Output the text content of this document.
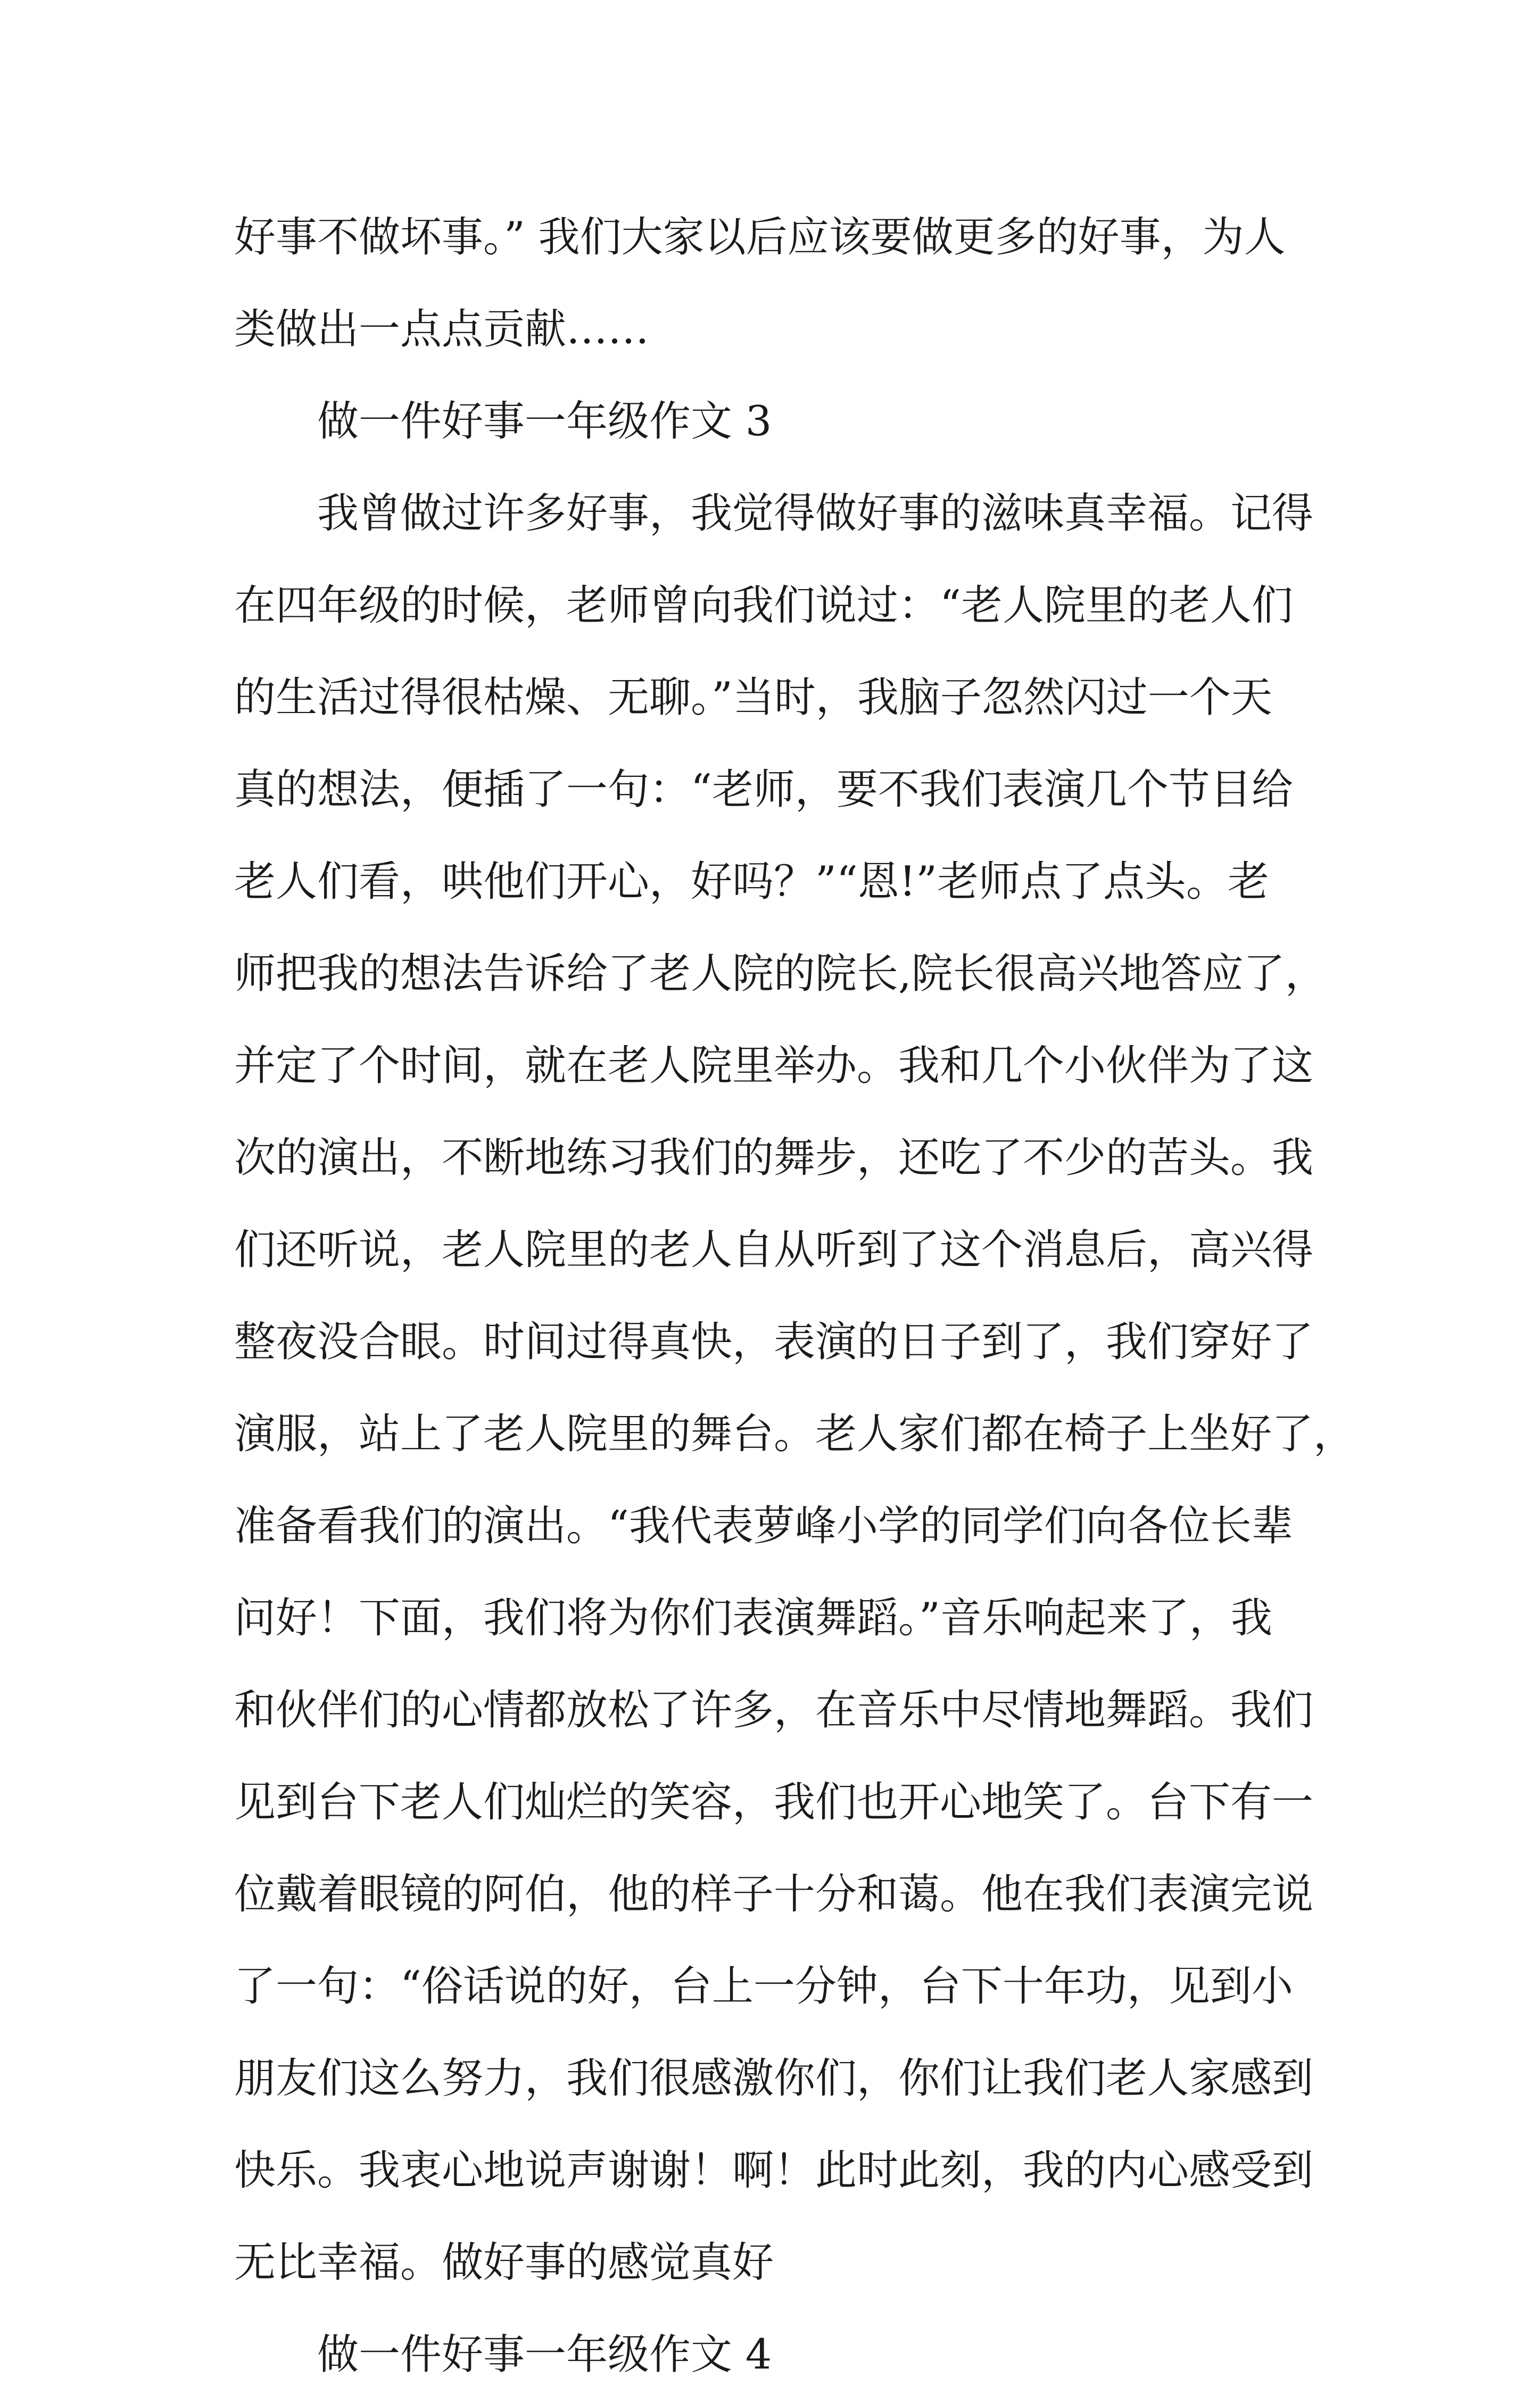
好事不做坏事。” 我们大家以后应该要做更多的好事，为人
类做出一点点贡献……
做一件好事一年级作文 3
我曾做过许多好事，我觉得做好事的滋味真幸福。记得
在四年级的时候，老师曾向我们说过：“老人院里的老人们
的生活过得很枯燥、无聊。”当时，我脑子忽然闪过一个天
真的想法，便插了一句：“老师，要不我们表演几个节目给
老人们看，哄他们开心，好吗？”“恩!”老师点了点头。老
师把我的想法告诉给了老人院的院长,院长很高兴地答应了，
并定了个时间，就在老人院里举办。我和几个小伙伴为了这
次的演出，不断地练习我们的舞步，还吃了不少的苦头。我
们还听说，老人院里的老人自从听到了这个消息后，高兴得
整夜没合眼。时间过得真快，表演的日子到了，我们穿好了
演服，站上了老人院里的舞台。老人家们都在椅子上坐好了，
准备看我们的演出。“我代表萝峰小学的同学们向各位长辈
问好！下面，我们将为你们表演舞蹈。”音乐响起来了，我
和伙伴们的心情都放松了许多，在音乐中尽情地舞蹈。我们
见到台下老人们灿烂的笑容，我们也开心地笑了。台下有一
位戴着眼镜的阿伯，他的样子十分和蔼。他在我们表演完说
了一句：“俗话说的好，台上一分钟，台下十年功，见到小
朋友们这么努力，我们很感激你们，你们让我们老人家感到
快乐。我衷心地说声谢谢！啊！此时此刻，我的内心感受到
无比幸福。做好事的感觉真好
做一件好事一年级作文 4
